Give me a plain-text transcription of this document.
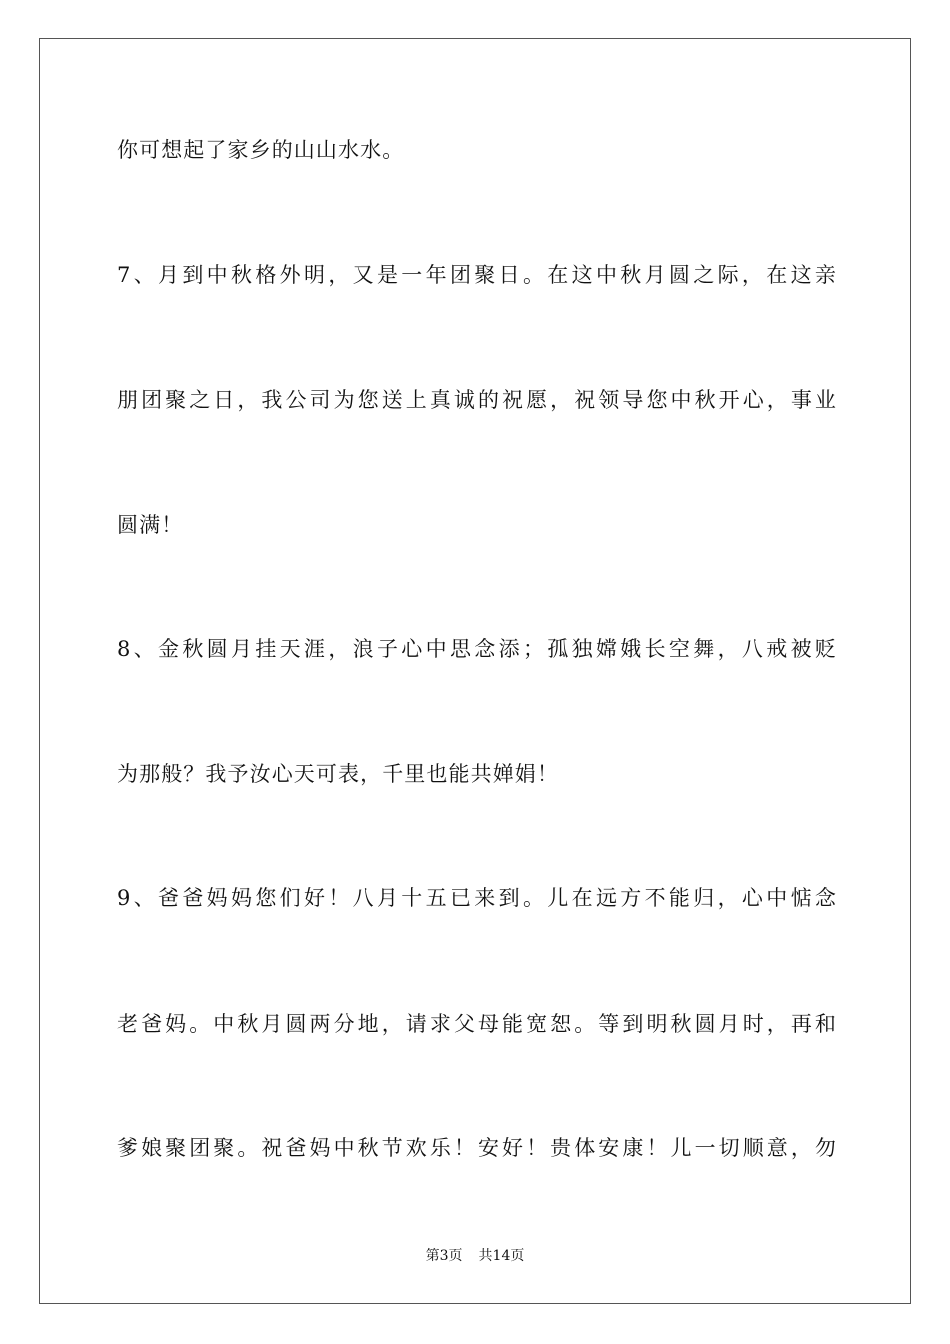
你可想起了家乡的山山水水。
7、月到中秋格外明，又是一年团聚日。在这中秋月圆之际，在这亲
朋团聚之日，我公司为您送上真诚的祝愿，祝领导您中秋开心，事业
圆满！
8、金秋圆月挂天涯，浪子心中思念添；孤独嫦娥长空舞，八戒被贬
为那般？我予汝心天可表，千里也能共婵娟！
9、爸爸妈妈您们好！八月十五已来到。儿在远方不能归，心中惦念
老爸妈。中秋月圆两分地，请求父母能宽恕。等到明秋圆月时，再和
爹娘聚团聚。祝爸妈中秋节欢乐！安好！贵体安康！儿一切顺意，勿
第3页 共14页
